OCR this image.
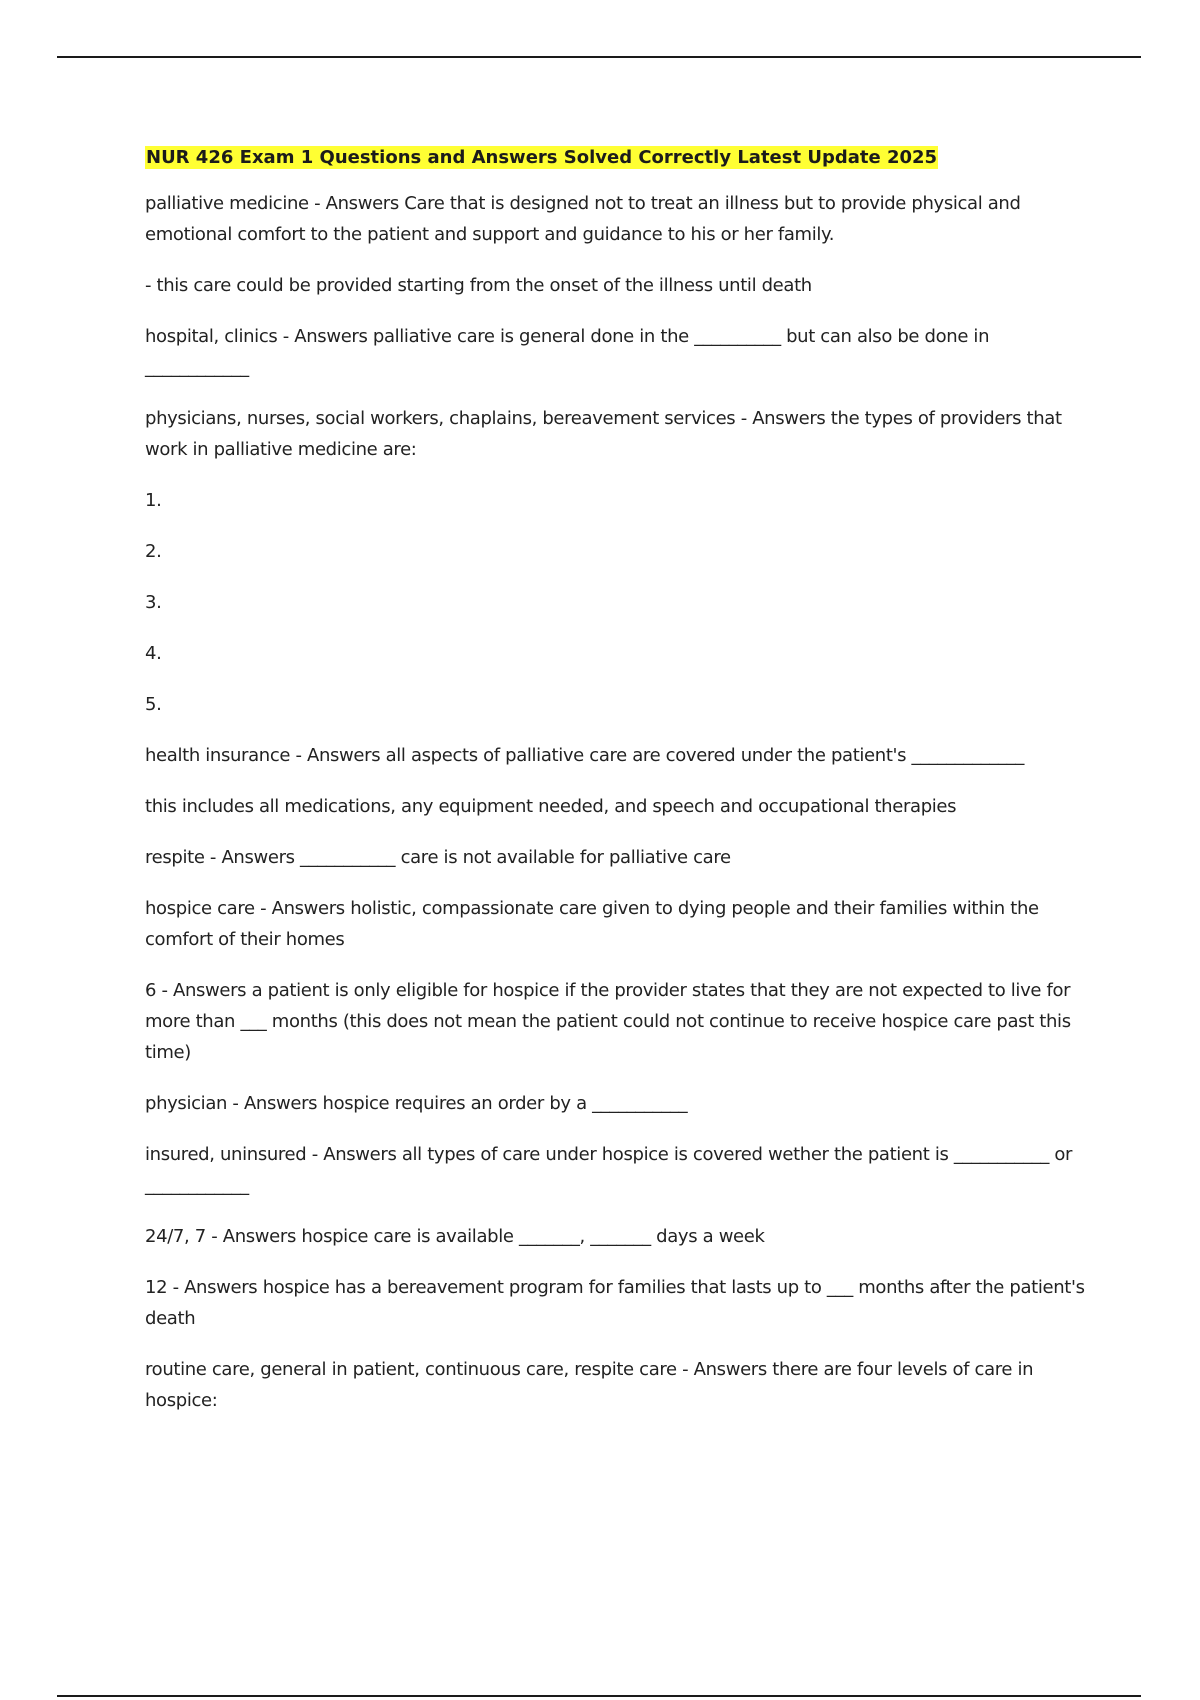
NUR 426 Exam 1 Questions and Answers Solved Correctly Latest Update 2025

palliative medicine - Answers Care that is designed not to treat an illness but to provide physical and emotional comfort to the patient and support and guidance to his or her family.

- this care could be provided starting from the onset of the illness until death

hospital, clinics - Answers palliative care is general done in the __________ but can also be done in ____________

physicians, nurses, social workers, chaplains, bereavement services - Answers the types of providers that work in palliative medicine are:

1.

2.

3.

4.

5.

health insurance - Answers all aspects of palliative care are covered under the patient's _____________

this includes all medications, any equipment needed, and speech and occupational therapies

respite - Answers ___________ care is not available for palliative care

hospice care - Answers holistic, compassionate care given to dying people and their families within the comfort of their homes

6 - Answers a patient is only eligible for hospice if the provider states that they are not expected to live for more than ___ months (this does not mean the patient could not continue to receive hospice care past this time)

physician - Answers hospice requires an order by a ___________

insured, uninsured - Answers all types of care under hospice is covered wether the patient is ___________ or ____________

24/7, 7 - Answers hospice care is available _______, _______ days a week

12 - Answers hospice has a bereavement program for families that lasts up to ___ months after the patient's death

routine care, general in patient, continuous care, respite care - Answers there are four levels of care in hospice:
